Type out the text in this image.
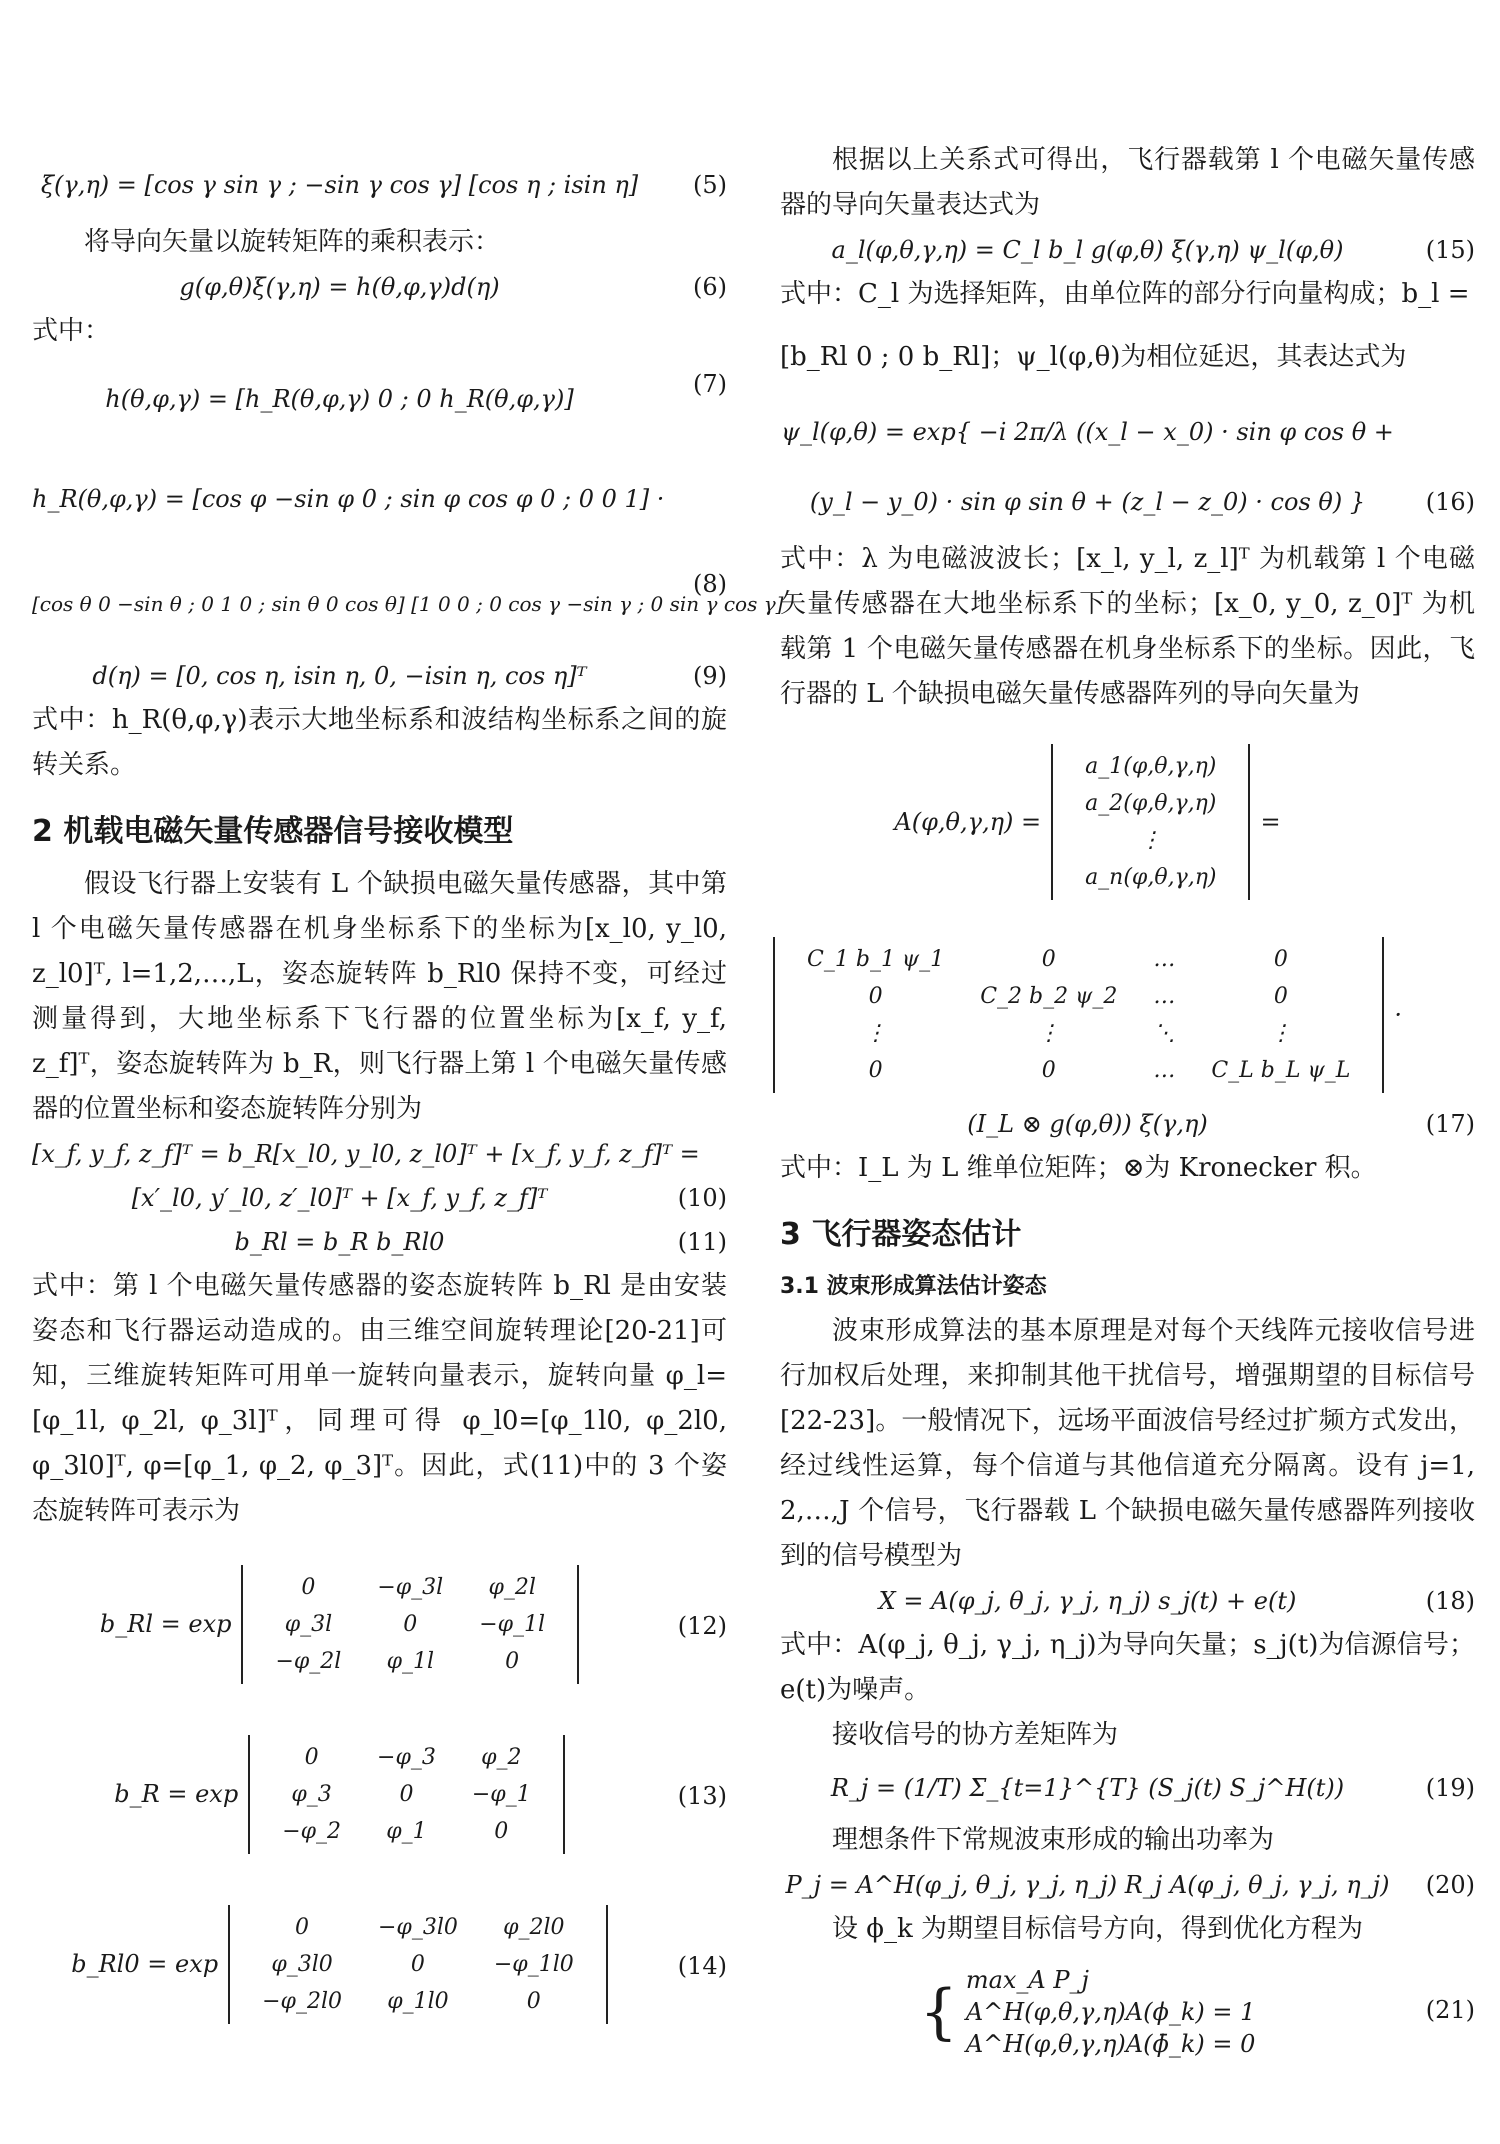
ξ(γ,η) = [cos γ sin γ ; −sin γ cos γ] [cos η ; isin η]	(5)

将导向矢量以旋转矩阵的乘积表示：

g(φ,θ)ξ(γ,η) = h(θ,φ,γ)d(η)	(6)

式中：

h(θ,φ,γ) = [h_R(θ,φ,γ) 0 ; 0 h_R(θ,φ,γ)]
(7)
h_R(θ,φ,γ) = [cos φ −sin φ 0 ; sin φ cos φ 0 ; 0 0 1] ·
[cos θ 0 −sin θ ; 0 1 0 ; sin θ 0 cos θ] [1 0 0 ; 0 cos γ −sin γ ; 0 sin γ cos γ]
(8)
d(η) = [0, cos η, isin η, 0, −isin η, cos η]ᵀ	(9)

式中：h_R(θ,φ,γ)表示大地坐标系和波结构坐标系之间的旋转关系。

2 机载电磁矢量传感器信号接收模型

假设飞行器上安装有 L 个缺损电磁矢量传感器，其中第 l 个电磁矢量传感器在机身坐标系下的坐标为[x_l0, y_l0, z_l0]ᵀ, l=1,2,…,L，姿态旋转阵 b_Rl0 保持不变，可经过测量得到，大地坐标系下飞行器的位置坐标为[x_f, y_f, z_f]ᵀ，姿态旋转阵为 b_R，则飞行器上第 l 个电磁矢量传感器的位置坐标和姿态旋转阵分别为

[x_f, y_f, z_f]ᵀ = b_R[x_l0, y_l0, z_l0]ᵀ + [x_f, y_f, z_f]ᵀ =
[x′_l0, y′_l0, z′_l0]ᵀ + [x_f, y_f, z_f]ᵀ	(10)
b_Rl = b_R b_Rl0	(11)

式中：第 l 个电磁矢量传感器的姿态旋转阵 b_Rl 是由安装姿态和飞行器运动造成的。由三维空间旋转理论[20-21]可知，三维旋转矩阵可用单一旋转向量表示，旋转向量 φ_l=[φ_1l, φ_2l, φ_3l]ᵀ，同理可得 φ_l0=[φ_1l0, φ_2l0, φ_3l0]ᵀ, φ=[φ_1, φ_2, φ_3]ᵀ。因此，式(11)中的 3 个姿态旋转阵可表示为

b_Rl = exp
0	−φ_3l	φ_2l
φ_3l	0	−φ_1l
−φ_2l	φ_1l	0
(12)
b_R = exp
0	−φ_3	φ_2
φ_3	0	−φ_1
−φ_2	φ_1	0
(13)
b_Rl0 = exp
0	−φ_3l0	φ_2l0
φ_3l0	0	−φ_1l0
−φ_2l0	φ_1l0	0
(14)

根据以上关系式可得出，飞行器载第 l 个电磁矢量传感器的导向矢量表达式为

a_l(φ,θ,γ,η) = C_l b_l g(φ,θ) ξ(γ,η) ψ_l(φ,θ)	(15)

式中：C_l 为选择矩阵，由单位阵的部分行向量构成；b_l =

[b_Rl 0 ; 0 b_Rl]；ψ_l(φ,θ)为相位延迟，其表达式为

ψ_l(φ,θ) = exp{ −i 2π/λ ((x_l − x_0) · sin φ cos θ +
(y_l − y_0) · sin φ sin θ + (z_l − z_0) · cos θ) }	(16)

式中：λ 为电磁波波长；[x_l, y_l, z_l]ᵀ 为机载第 l 个电磁矢量传感器在大地坐标系下的坐标；[x_0, y_0, z_0]ᵀ 为机载第 1 个电磁矢量传感器在机身坐标系下的坐标。因此，飞行器的 L 个缺损电磁矢量传感器阵列的导向矢量为

A(φ,θ,γ,η) =
a_1(φ,θ,γ,η)
a_2(φ,θ,γ,η)
⋮
a_n(φ,θ,γ,η)
=
C_1 b_1 ψ_1	0	…	0
0	C_2 b_2 ψ_2	…	0
⋮	⋮	⋱	⋮
0	0	…	C_L b_L ψ_L
·
(I_L ⊗ g(φ,θ)) ξ(γ,η)	(17)

式中：I_L 为 L 维单位矩阵；⊗为 Kronecker 积。

3 飞行器姿态估计
3.1 波束形成算法估计姿态

波束形成算法的基本原理是对每个天线阵元接收信号进行加权后处理，来抑制其他干扰信号，增强期望的目标信号[22-23]。一般情况下，远场平面波信号经过扩频方式发出，经过线性运算，每个信道与其他信道充分隔离。设有 j=1, 2,…,J 个信号，飞行器载 L 个缺损电磁矢量传感器阵列接收到的信号模型为

X = A(φ_j, θ_j, γ_j, η_j) s_j(t) + e(t)	(18)

式中：A(φ_j, θ_j, γ_j, η_j)为导向矢量；s_j(t)为信源信号；e(t)为噪声。

接收信号的协方差矩阵为

R_j = (1/T) Σ_{t=1}^{T} (S_j(t) S_j^H(t))	(19)

理想条件下常规波束形成的输出功率为

P_j = A^H(φ_j, θ_j, γ_j, η_j) R_j A(φ_j, θ_j, γ_j, η_j) (20)

设 ϕ_k 为期望目标信号方向，得到优化方程为

{ max_A P_j
A^H(φ,θ,γ,η)A(ϕ_k) = 1
A^H(φ,θ,γ,η)A(ϕ̄_k) = 0
(21)
